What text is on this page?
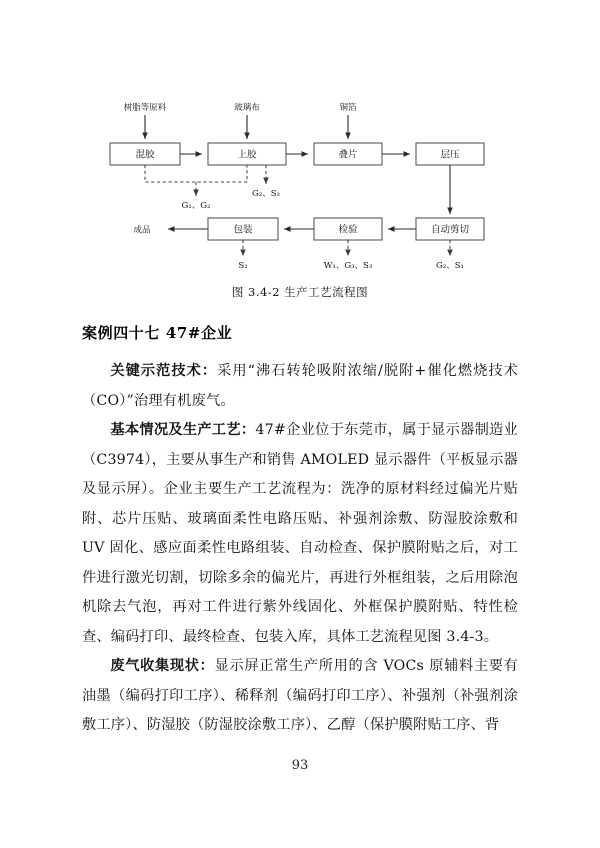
树脂等原料	玻璃布	铜箔
混胶	上胶	叠片	层压
G₁、G₂
G₂、S₃
自动剪切
检验
包装
成品
S₂	W₁、G₃、S₃	G₂、S₁
图 3.4-2 生产工艺流程图
案例四十七 47#企业

关键示范技术：采用“沸石转轮吸附浓缩/脱附+催化燃烧技术（CO）”治理有机废气。

基本情况及生产工艺：47#企业位于东莞市，属于显示器制造业（C3974），主要从事生产和销售 AMOLED 显示器件（平板显示器及显示屏）。企业主要生产工艺流程为：洗净的原材料经过偏光片贴附、芯片压贴、玻璃面柔性电路压贴、补强剂涂敷、防湿胶涂敷和 UV 固化、感应面柔性电路组装、自动检查、保护膜附贴之后，对工件进行激光切割，切除多余的偏光片，再进行外框组装，之后用除泡机除去气泡，再对工件进行紫外线固化、外框保护膜附贴、特性检查、编码打印、最终检查、包装入库，具体工艺流程见图 3.4-3。

废气收集现状：显示屏正常生产所用的含 VOCs 原辅料主要有油墨（编码打印工序）、稀释剂（编码打印工序）、补强剂（补强剂涂敷工序）、防湿胶（防湿胶涂敷工序）、乙醇（保护膜附贴工序、背

93
